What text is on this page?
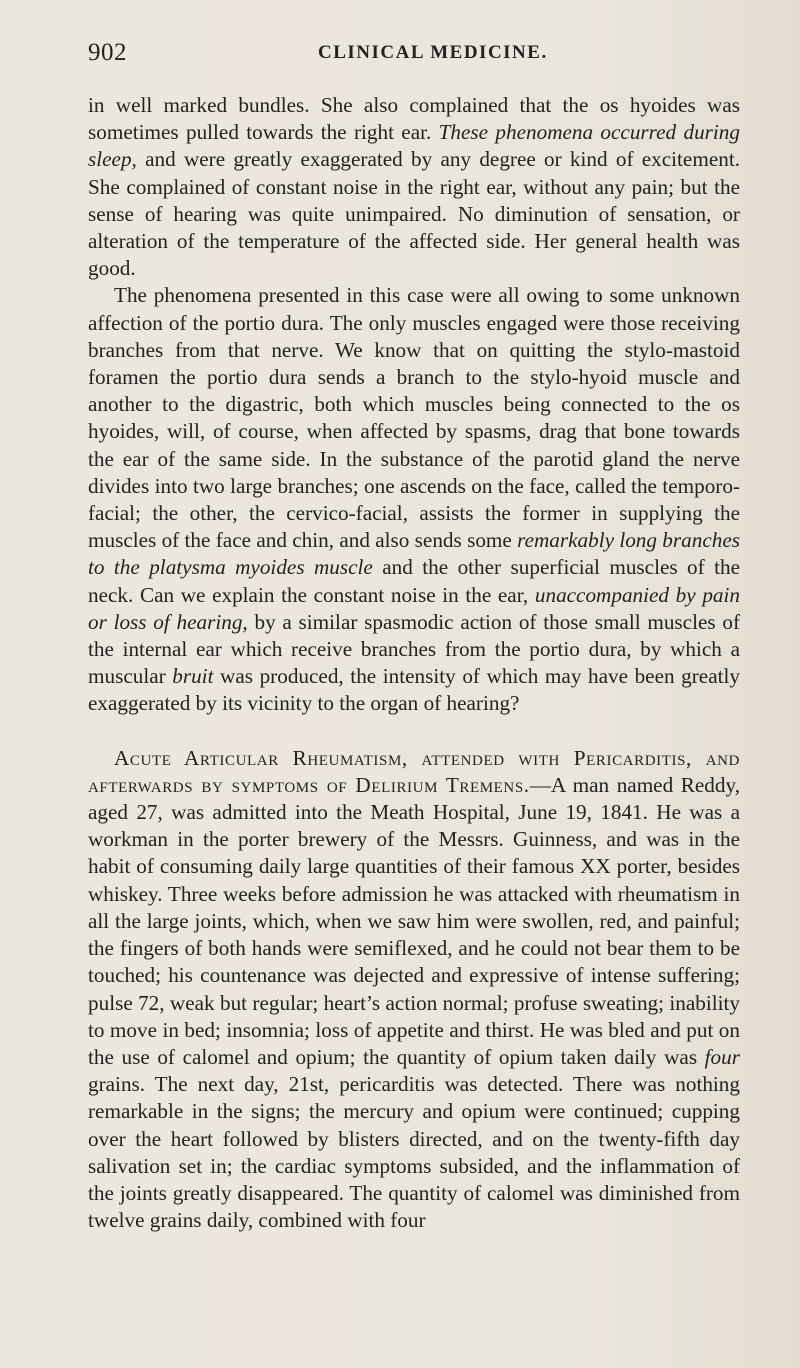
902	CLINICAL MEDICINE.

in well marked bundles. She also complained that the os hyoides was sometimes pulled towards the right ear. These phenomena occurred during sleep, and were greatly exaggerated by any degree or kind of excitement. She complained of constant noise in the right ear, without any pain; but the sense of hearing was quite unimpaired. No diminution of sensation, or alteration of the temperature of the affected side. Her general health was good.

The phenomena presented in this case were all owing to some unknown affection of the portio dura. The only muscles engaged were those receiving branches from that nerve. We know that on quitting the stylo-mastoid foramen the portio dura sends a branch to the stylo-hyoid muscle and another to the digastric, both which muscles being connected to the os hyoides, will, of course, when affected by spasms, drag that bone towards the ear of the same side. In the substance of the parotid gland the nerve divides into two large branches; one ascends on the face, called the temporo-facial; the other, the cervico-facial, assists the former in supplying the muscles of the face and chin, and also sends some remarkably long branches to the platysma myoides muscle and the other superficial muscles of the neck. Can we explain the constant noise in the ear, unaccompanied by pain or loss of hearing, by a similar spasmodic action of those small muscles of the internal ear which receive branches from the portio dura, by which a muscular bruit was produced, the intensity of which may have been greatly exaggerated by its vicinity to the organ of hearing?

Acute Articular Rheumatism, attended with Pericarditis, and afterwards by symptoms of Delirium Tremens.—A man named Reddy, aged 27, was admitted into the Meath Hospital, June 19, 1841. He was a workman in the porter brewery of the Messrs. Guinness, and was in the habit of consuming daily large quantities of their famous XX porter, besides whiskey. Three weeks before admission he was attacked with rheumatism in all the large joints, which, when we saw him were swollen, red, and painful; the fingers of both hands were semiflexed, and he could not bear them to be touched; his countenance was dejected and expressive of intense suffering; pulse 72, weak but regular; heart’s action normal; profuse sweating; inability to move in bed; insomnia; loss of appetite and thirst. He was bled and put on the use of calomel and opium; the quantity of opium taken daily was four grains. The next day, 21st, pericarditis was detected. There was nothing remarkable in the signs; the mercury and opium were continued; cupping over the heart followed by blisters directed, and on the twenty-fifth day salivation set in; the cardiac symptoms subsided, and the inflammation of the joints greatly disappeared. The quantity of calomel was diminished from twelve grains daily, combined with four
